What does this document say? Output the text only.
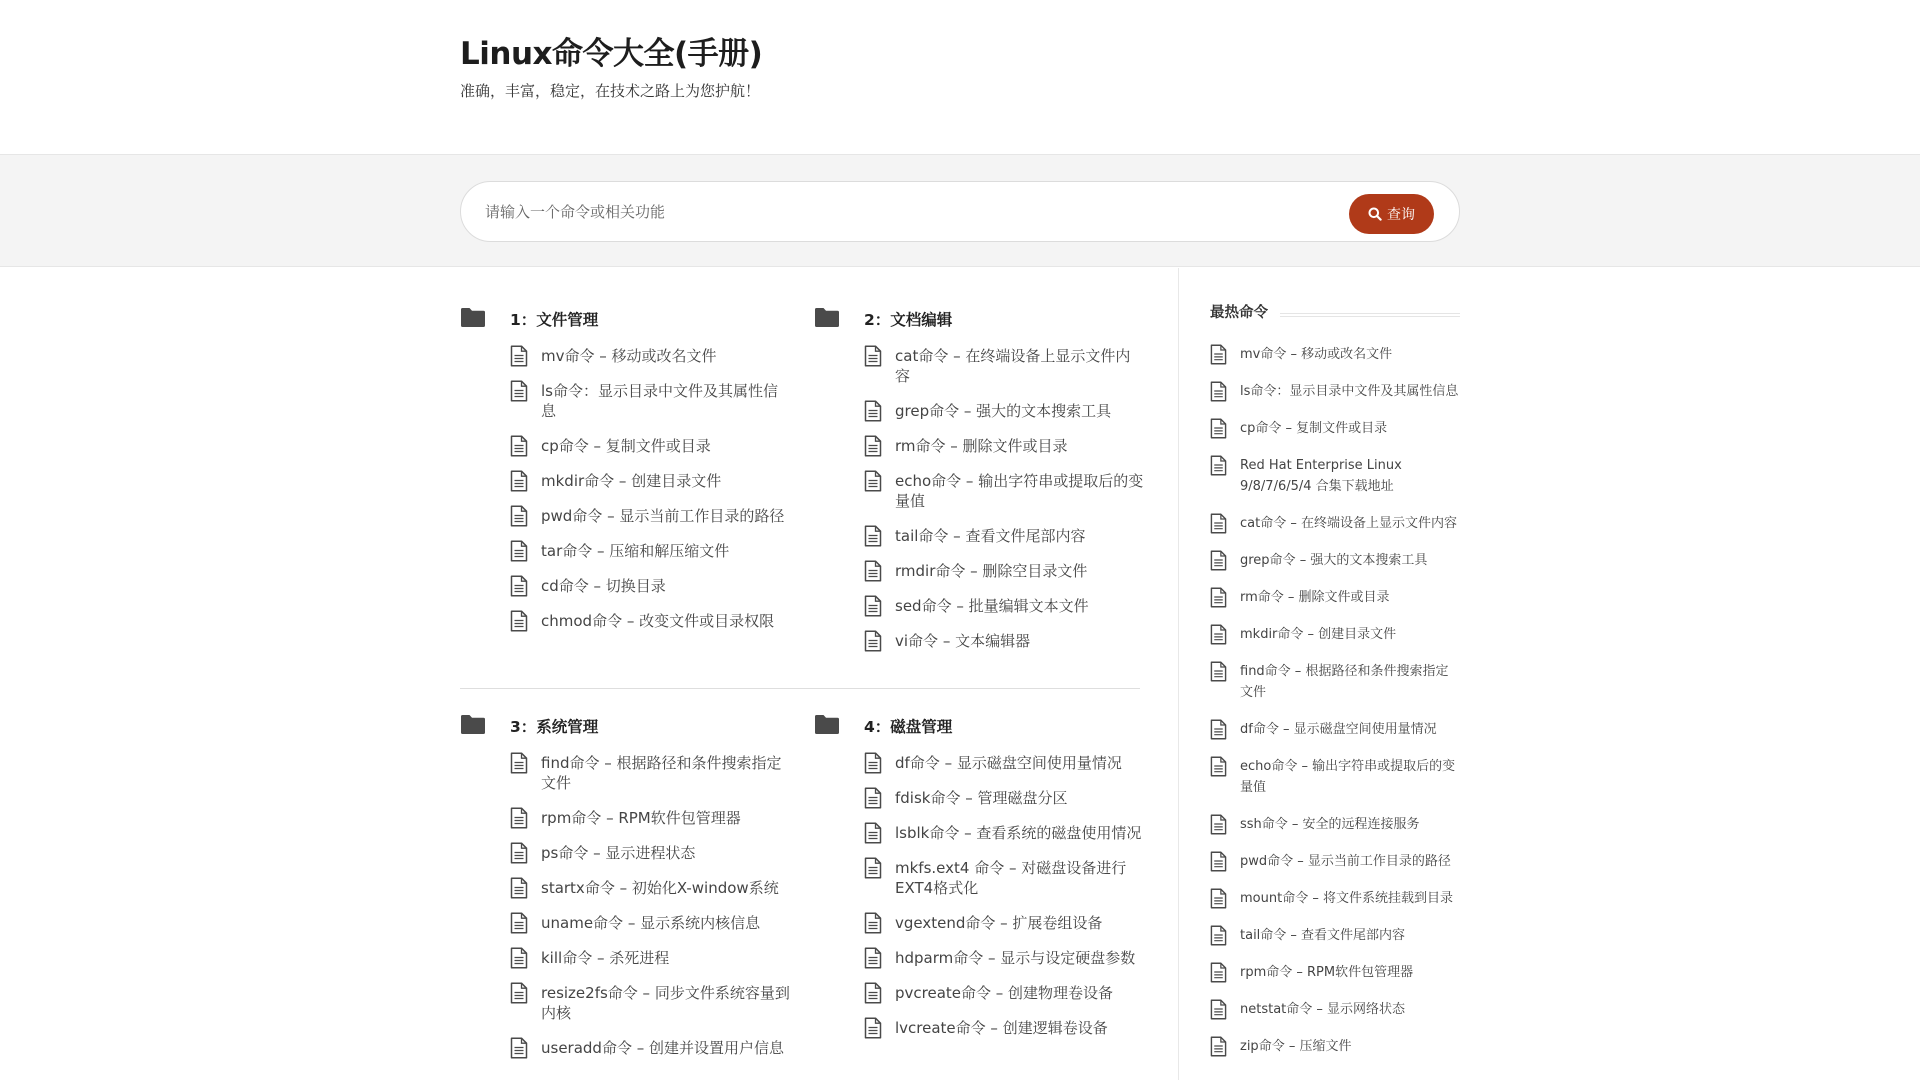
Linux命令大全(手册)
准确，丰富，稳定，在技术之路上为您护航！
请输入一个命令或相关功能
查询
1：文件管理
mv命令 – 移动或改名文件
ls命令：显示目录中文件及其属性信息
cp命令 – 复制文件或目录
mkdir命令 – 创建目录文件
pwd命令 – 显示当前工作目录的路径
tar命令 – 压缩和解压缩文件
cd命令 – 切换目录
chmod命令 – 改变文件或目录权限
2：文档编辑
cat命令 – 在终端设备上显示文件内容
grep命令 – 强大的文本搜索工具
rm命令 – 删除文件或目录
echo命令 – 输出字符串或提取后的变量值
tail命令 – 查看文件尾部内容
rmdir命令 – 删除空目录文件
sed命令 – 批量编辑文本文件
vi命令 – 文本编辑器
3：系统管理
find命令 – 根据路径和条件搜索指定文件
rpm命令 – RPM软件包管理器
ps命令 – 显示进程状态
startx命令 – 初始化X-window系统
uname命令 – 显示系统内核信息
kill命令 – 杀死进程
resize2fs命令 – 同步文件系统容量到内核
useradd命令 – 创建并设置用户信息
4：磁盘管理
df命令 – 显示磁盘空间使用量情况
fdisk命令 – 管理磁盘分区
lsblk命令 – 查看系统的磁盘使用情况
mkfs.ext4 命令 – 对磁盘设备进行EXT4格式化
vgextend命令 – 扩展卷组设备
hdparm命令 – 显示与设定硬盘参数
pvcreate命令 – 创建物理卷设备
lvcreate命令 – 创建逻辑卷设备
最热命令
mv命令 – 移动或改名文件
ls命令：显示目录中文件及其属性信息
cp命令 – 复制文件或目录
Red Hat Enterprise Linux 9/8/7/6/5/4 合集下载地址
cat命令 – 在终端设备上显示文件内容
grep命令 – 强大的文本搜索工具
rm命令 – 删除文件或目录
mkdir命令 – 创建目录文件
find命令 – 根据路径和条件搜索指定文件
df命令 – 显示磁盘空间使用量情况
echo命令 – 输出字符串或提取后的变量值
ssh命令 – 安全的远程连接服务
pwd命令 – 显示当前工作目录的路径
mount命令 – 将文件系统挂载到目录
tail命令 – 查看文件尾部内容
rpm命令 – RPM软件包管理器
netstat命令 – 显示网络状态
zip命令 – 压缩文件
